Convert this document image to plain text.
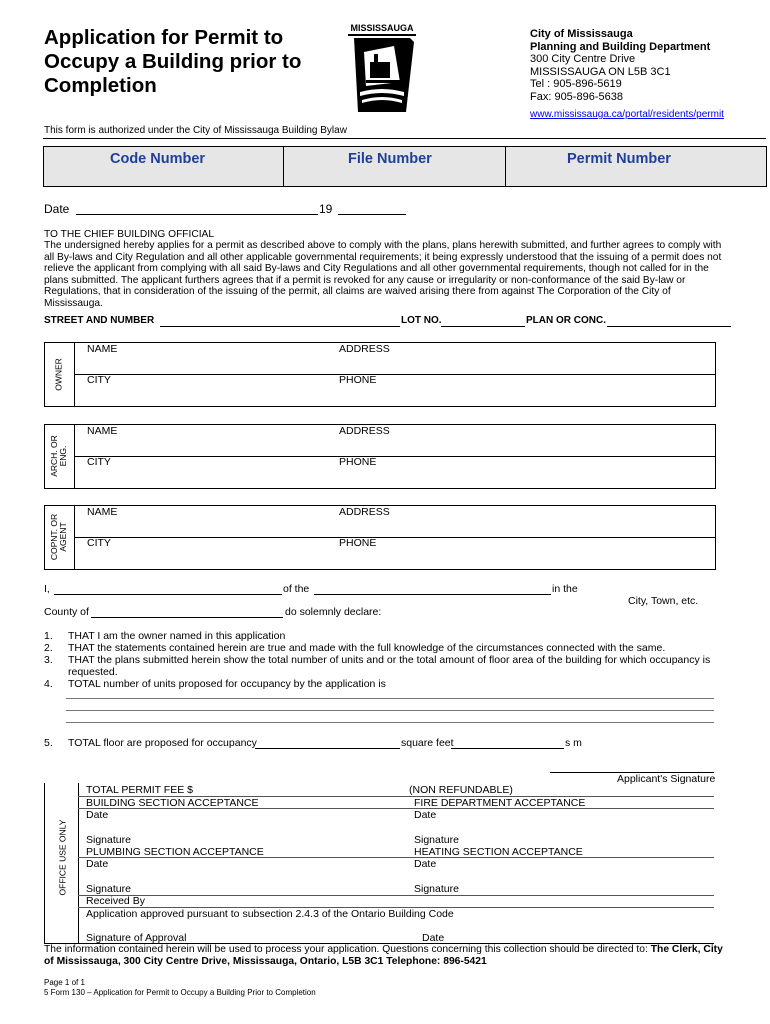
Application for Permit to Occupy a Building prior to Completion
MISSISSAUGA	City of Mississauga
Planning and Building Department
300 City Centre Drive
MISSISSAUGA ON L5B 3C1
Tel : 905-896-5619
Fax: 905-896-5638
www.mississauga.ca/portal/residents/permit
This form is authorized under the City of Mississauga Building Bylaw
Code Number	File Number	Permit Number
Date	19
TO THE CHIEF BUILDING OFFICIAL
The undersigned hereby applies for a permit as described above to comply with the plans, plans herewith submitted, and further agrees to comply with all By-laws and City Regulation and all other applicable governmental requirements; it being expressly understood that the issuing of a permit does not relieve the applicant from complying with all said By-laws and City Regulations and all other governmental requirements, though not called for in the plans submitted. The applicant furthers agrees that if a permit is revoked for any cause or irregularity or non-conformance of the said By-law or Regulations, that in consideration of the issuing of the permit, all claims are waived arising there from against The Corporation of the City of Mississauga.
STREET AND NUMBER	LOT NO.	PLAN OR CONC.
OWNER
NAME	ADDRESS
CITY	PHONE
ARCH. OR ENG.
NAME	ADDRESS
CITY	PHONE
COPNT. OR AGENT
NAME	ADDRESS
CITY	PHONE
I,	of the	in the
City, Town, etc.
County of	do solemnly declare:
1. THAT I am the owner named in this application
2. THAT the statements contained herein are true and made with the full knowledge of the circumstances connected with the same.
3. THAT the plans submitted herein show the total number of units and or the total amount of floor area of the building for which occupancy is
requested.
4. TOTAL number of units proposed for occupancy by the application is
5. TOTAL floor are proposed for occupancy	square feet	s m
Applicant's Signature
OFFICE USE ONLY
TOTAL PERMIT FEE $	(NON REFUNDABLE)
BUILDING SECTION ACCEPTANCE	FIRE DEPARTMENT ACCEPTANCE
Date	Date
Signature	Signature
PLUMBING SECTION ACCEPTANCE	HEATING SECTION ACCEPTANCE
Date	Date
Signature	Signature
Received By
Application approved pursuant to subsection 2.4.3 of the Ontario Building Code
Signature of Approval	Date
The information contained herein will be used to process your application. Questions concerning this collection should be directed to: The Clerk, City of Mississauga, 300 City Centre Drive, Mississauga, Ontario, L5B 3C1 Telephone: 896-5421
Page 1 of 1
5 Form 130 – Application for Permit to Occupy a Building Prior to Completion
